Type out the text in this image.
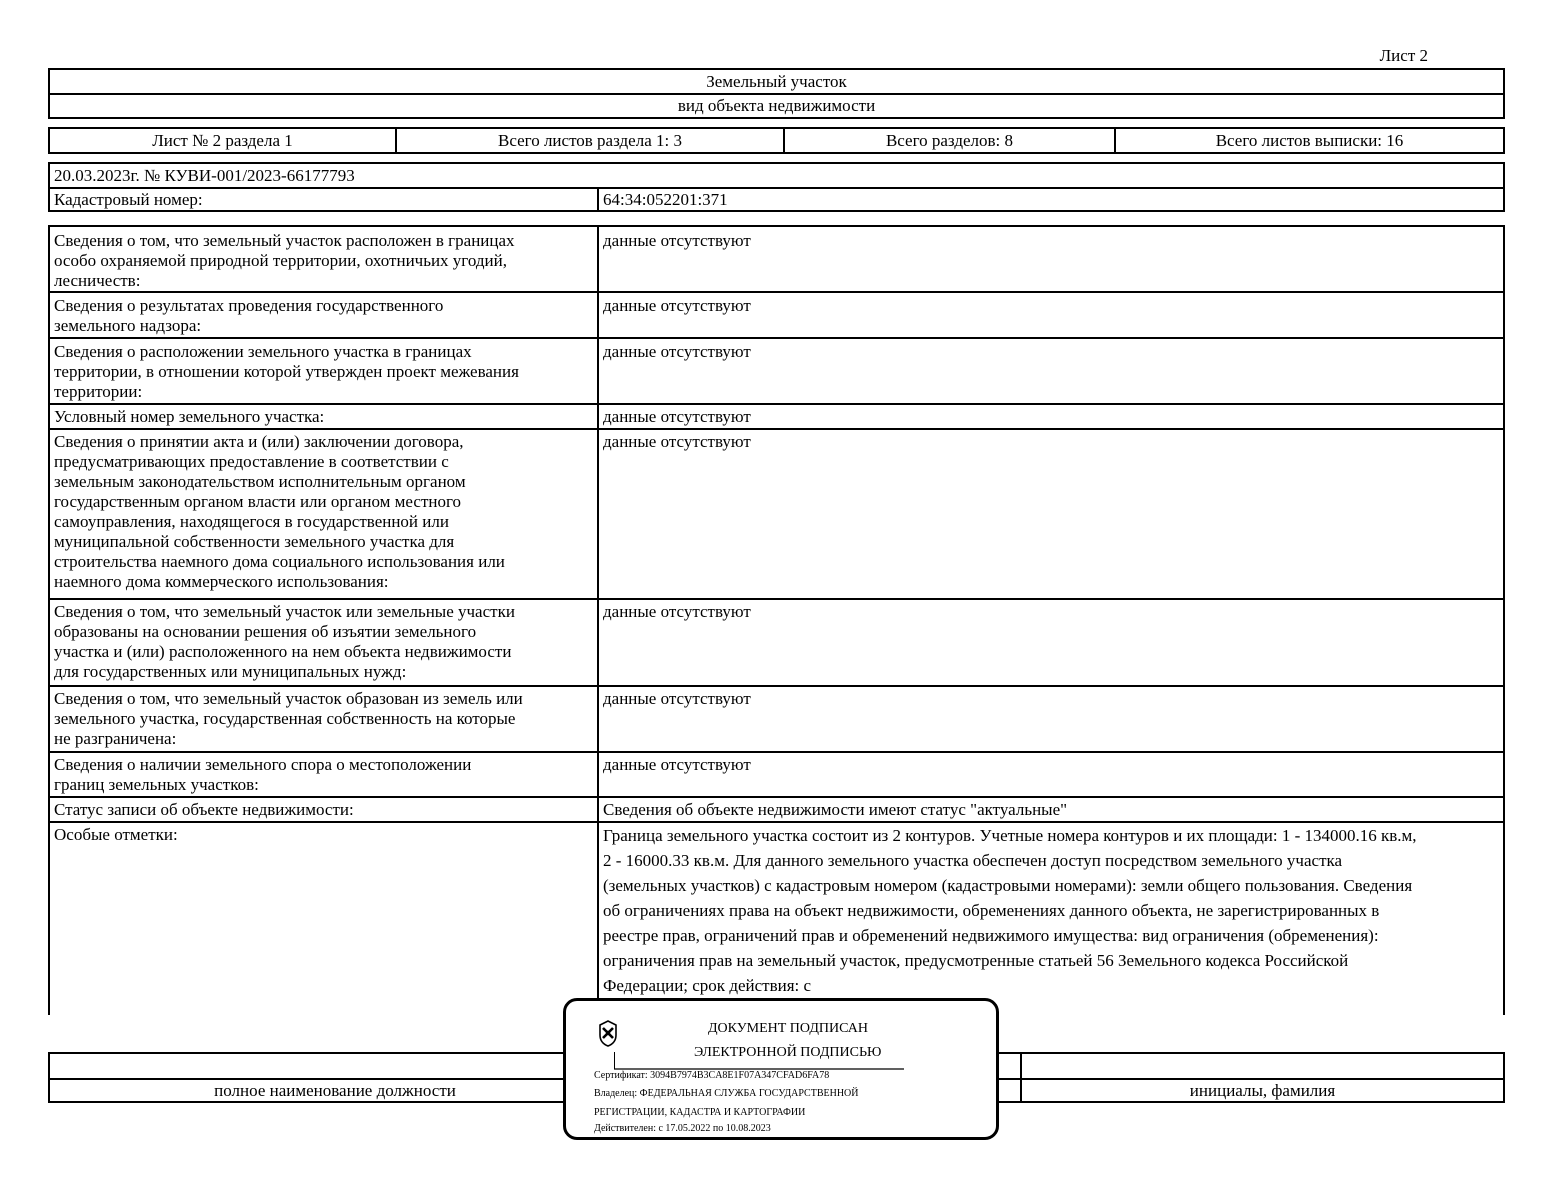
Лист 2
Земельный участок
вид объекта недвижимости
Лист № 2 раздела 1	Всего листов раздела 1: 3	Всего разделов: 8	Всего листов выписки: 16
20.03.2023г. № КУВИ-001/2023-66177793
Кадастровый номер:	64:34:052201:371
Сведения о том, что земельный участок расположен в границах
особо охраняемой природной территории, охотничьих угодий,
лесничеств:
данные отсутствуют
Сведения о результатах проведения государственного
земельного надзора:
данные отсутствуют
Сведения о расположении земельного участка в границах
территории, в отношении которой утвержден проект межевания
территории:
данные отсутствуют
Условный номер земельного участка:	данные отсутствуют
Сведения о принятии акта и (или) заключении договора,
предусматривающих предоставление в соответствии с
земельным законодательством исполнительным органом
государственным органом власти или органом местного
самоуправления, находящегося в государственной или
муниципальной собственности земельного участка для
строительства наемного дома социального использования или
наемного дома коммерческого использования:
данные отсутствуют
Сведения о том, что земельный участок или земельные участки
образованы на основании решения об изъятии земельного
участка и (или) расположенного на нем объекта недвижимости
для государственных или муниципальных нужд:
данные отсутствуют
Сведения о том, что земельный участок образован из земель или
земельного участка, государственная собственность на которые
не разграничена:
данные отсутствуют
Сведения о наличии земельного спора о местоположении
границ земельных участков:
данные отсутствуют
Статус записи об объекте недвижимости:	Сведения об объекте недвижимости имеют статус "актуальные"
Особые отметки:	Граница земельного участка состоит из 2 контуров. Учетные номера контуров и их площади: 1 - 134000.16 кв.м, 2 - 16000.33 кв.м. Для данного земельного участка обеспечен доступ посредством земельного участка (земельных участков) с кадастровым номером (кадастровыми номерами): земли общего пользования. Сведения об ограничениях права на объект недвижимости, обременениях данного объекта, не зарегистрированных в реестре прав, ограничений прав и обременений недвижимого имущества: вид ограничения (обременения): ограничения прав на земельный участок, предусмотренные статьей 56 Земельного кодекса Российской Федерации; срок действия: с
полное наименование должности	инициалы, фамилия
ДОКУМЕНТ ПОДПИСАН
ЭЛЕКТРОННОЙ ПОДПИСЬЮ
Сертификат: 3094B7974B3CA8E1F07A347CFAD6FA78
Владелец: ФЕДЕРАЛЬНАЯ СЛУЖБА ГОСУДАРСТВЕННОЙ
РЕГИСТРАЦИИ, КАДАСТРА И КАРТОГРАФИИ
Действителен: с 17.05.2022 по 10.08.2023
